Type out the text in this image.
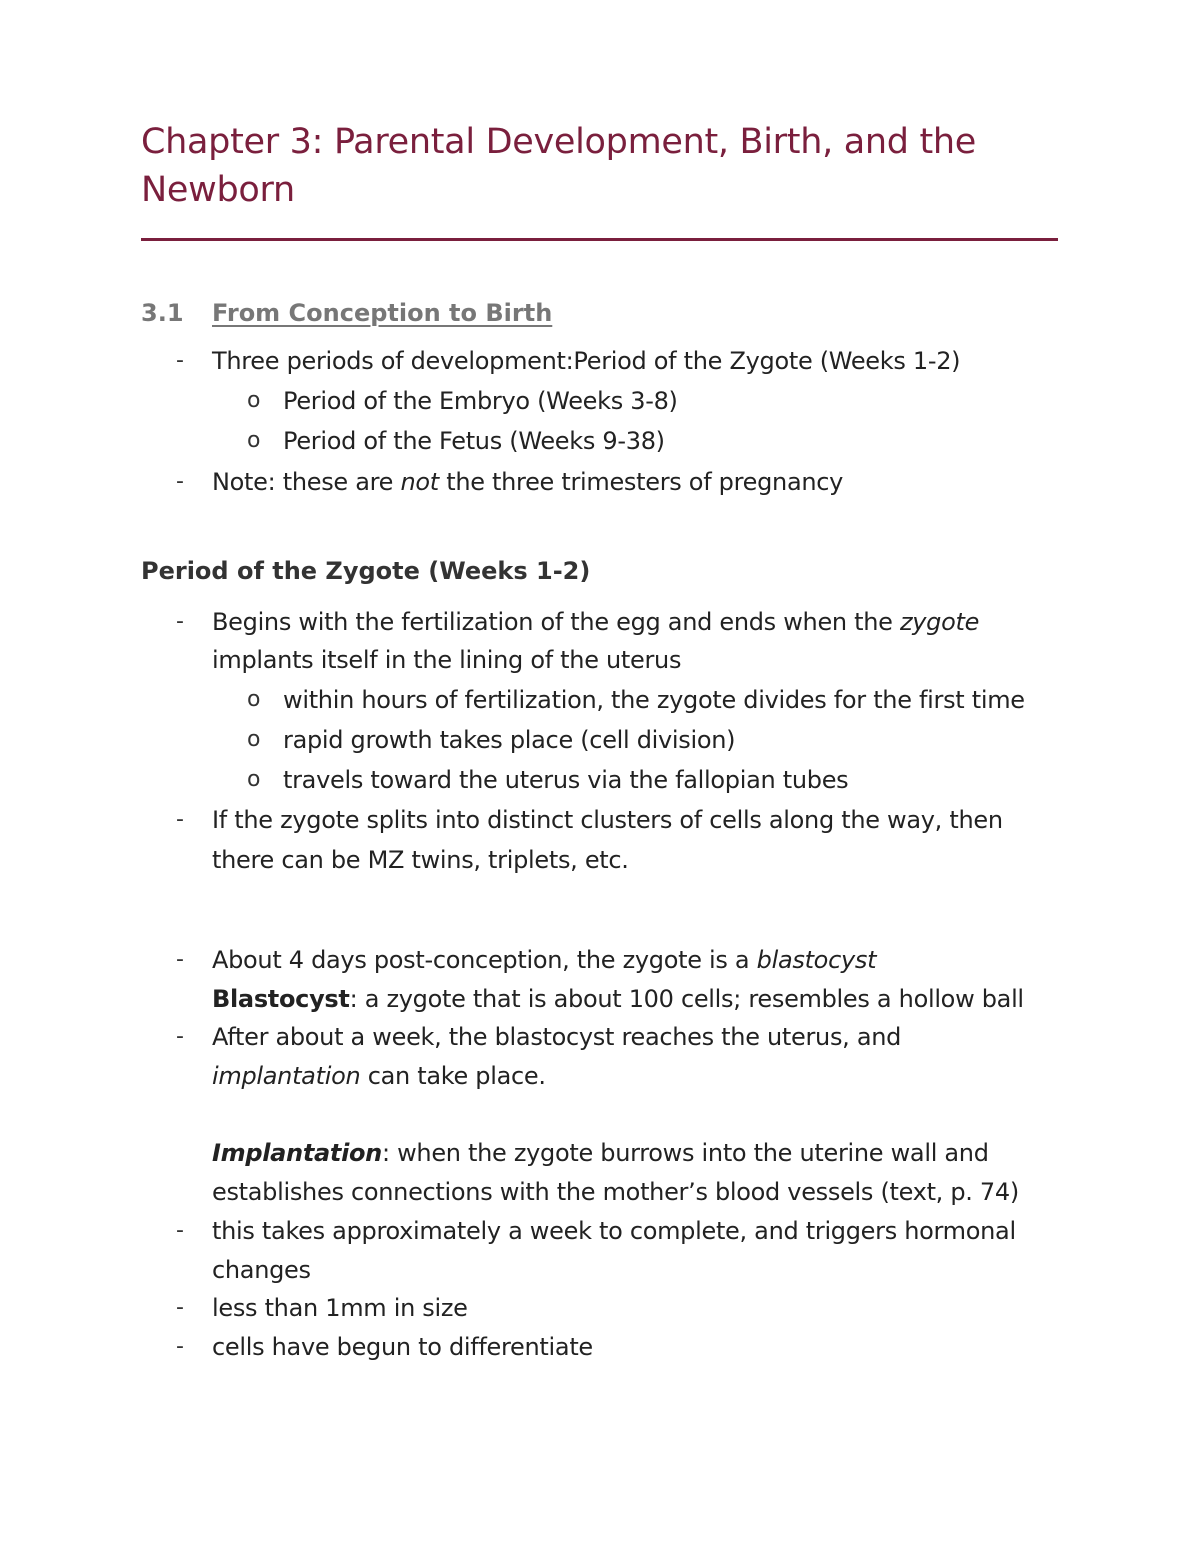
Chapter 3: Parental Development, Birth, and the Newborn
3.1 From Conception to Birth
- Three periods of development:Period of the Zygote (Weeks 1-2)
o Period of the Embryo (Weeks 3-8)
o Period of the Fetus (Weeks 9-38)
- Note: these are not the three trimesters of pregnancy
Period of the Zygote (Weeks 1-2)
- Begins with the fertilization of the egg and ends when the zygote
implants itself in the lining of the uterus
o within hours of fertilization, the zygote divides for the first time
o rapid growth takes place (cell division)
o travels toward the uterus via the fallopian tubes
- If the zygote splits into distinct clusters of cells along the way, then
there can be MZ twins, triplets, etc.
- About 4 days post-conception, the zygote is a blastocyst
Blastocyst: a zygote that is about 100 cells; resembles a hollow ball
- After about a week, the blastocyst reaches the uterus, and
implantation can take place.
Implantation: when the zygote burrows into the uterine wall and
establishes connections with the mother’s blood vessels (text, p. 74)
- this takes approximately a week to complete, and triggers hormonal
changes
- less than 1mm in size
- cells have begun to differentiate
